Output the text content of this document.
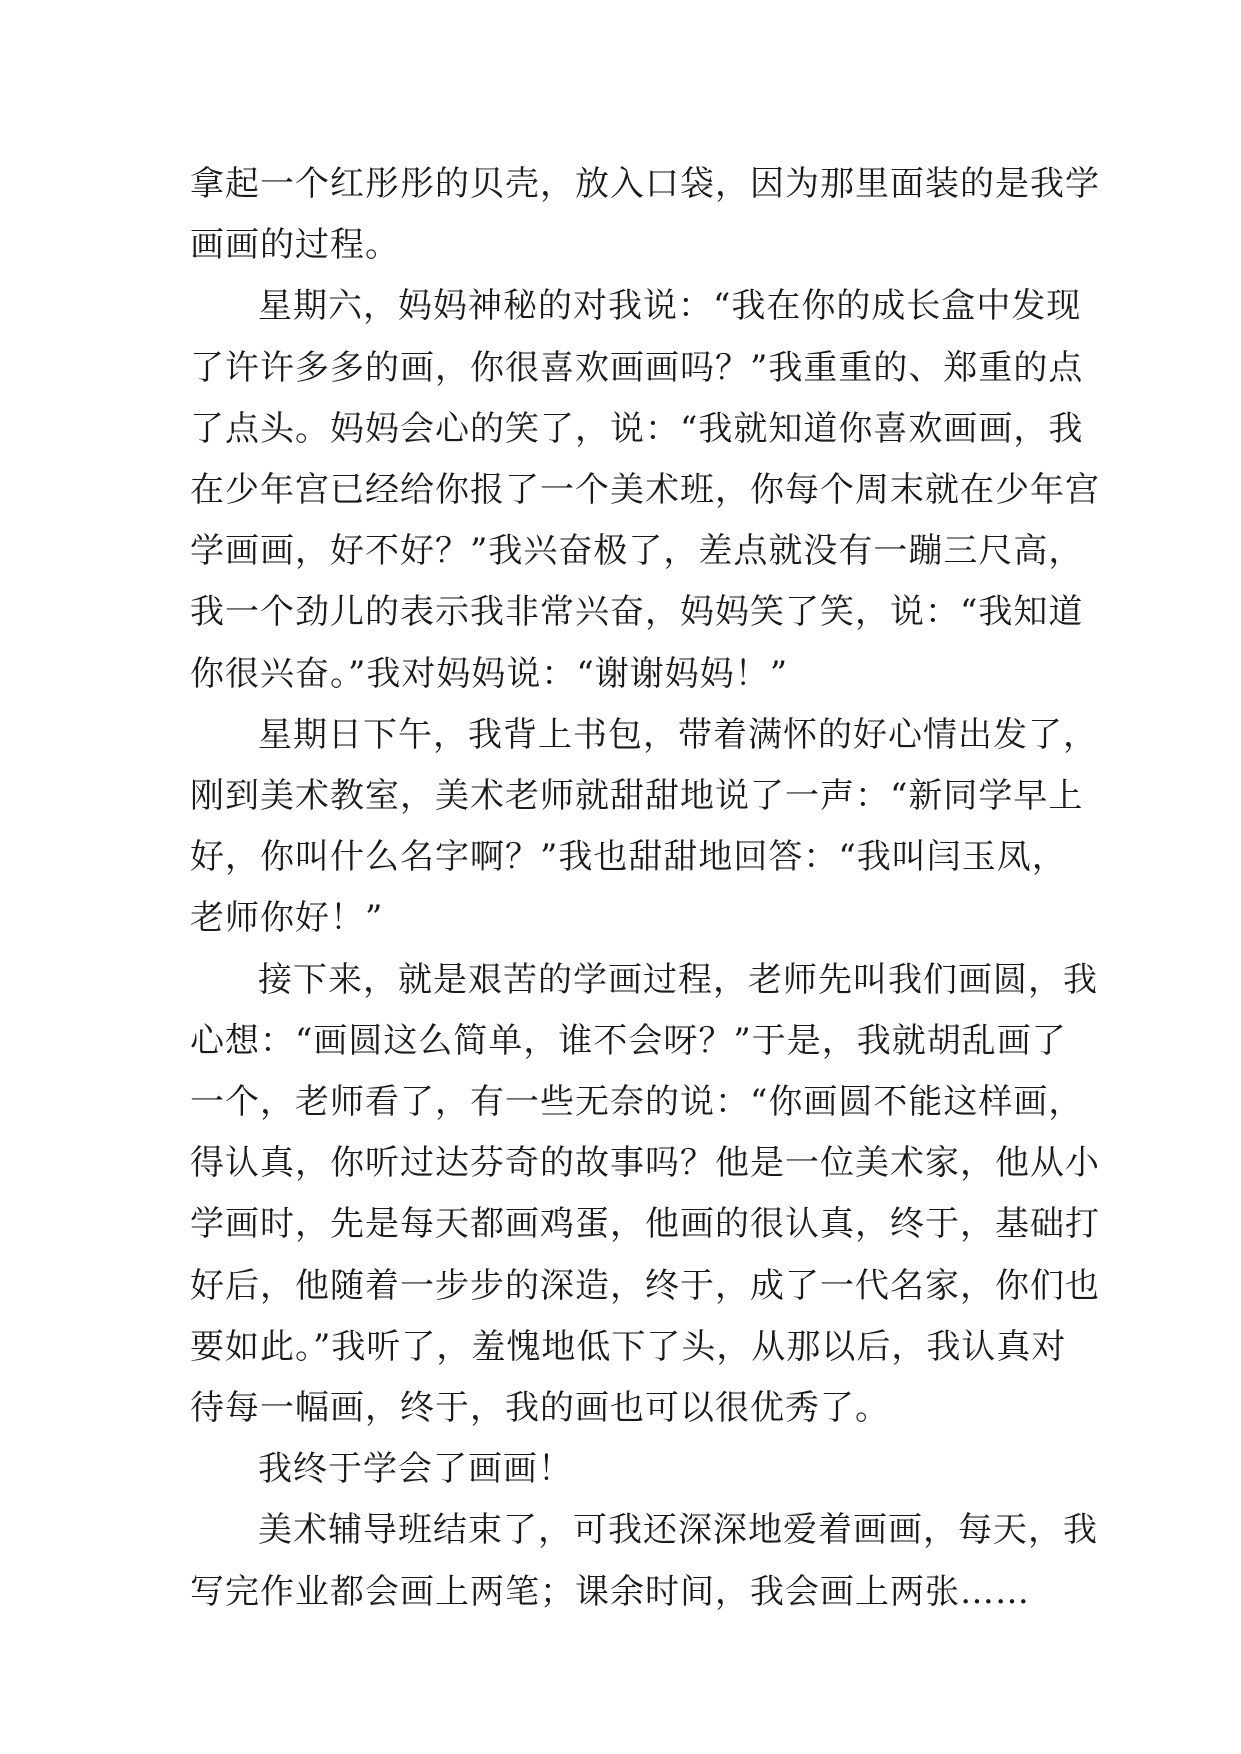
拿起一个红彤彤的贝壳，放入口袋，因为那里面装的是我学
画画的过程。

星期六，妈妈神秘的对我说：“我在你的成长盒中发现
了许许多多的画，你很喜欢画画吗？”我重重的、郑重的点
了点头。妈妈会心的笑了，说：“我就知道你喜欢画画，我
在少年宫已经给你报了一个美术班，你每个周末就在少年宫
学画画，好不好？”我兴奋极了，差点就没有一蹦三尺高，
我一个劲儿的表示我非常兴奋，妈妈笑了笑，说：“我知道
你很兴奋。”我对妈妈说：“谢谢妈妈！”

星期日下午，我背上书包，带着满怀的好心情出发了，
刚到美术教室，美术老师就甜甜地说了一声：“新同学早上
好，你叫什么名字啊？”我也甜甜地回答：“我叫闫玉凤，
老师你好！”

接下来，就是艰苦的学画过程，老师先叫我们画圆，我
心想：“画圆这么简单，谁不会呀？”于是，我就胡乱画了
一个，老师看了，有一些无奈的说：“你画圆不能这样画，
得认真，你听过达芬奇的故事吗？他是一位美术家，他从小
学画时，先是每天都画鸡蛋，他画的很认真，终于，基础打
好后，他随着一步步的深造，终于，成了一代名家，你们也
要如此。”我听了，羞愧地低下了头，从那以后，我认真对
待每一幅画，终于，我的画也可以很优秀了。

我终于学会了画画！

美术辅导班结束了，可我还深深地爱着画画，每天，我
写完作业都会画上两笔；课余时间，我会画上两张……
